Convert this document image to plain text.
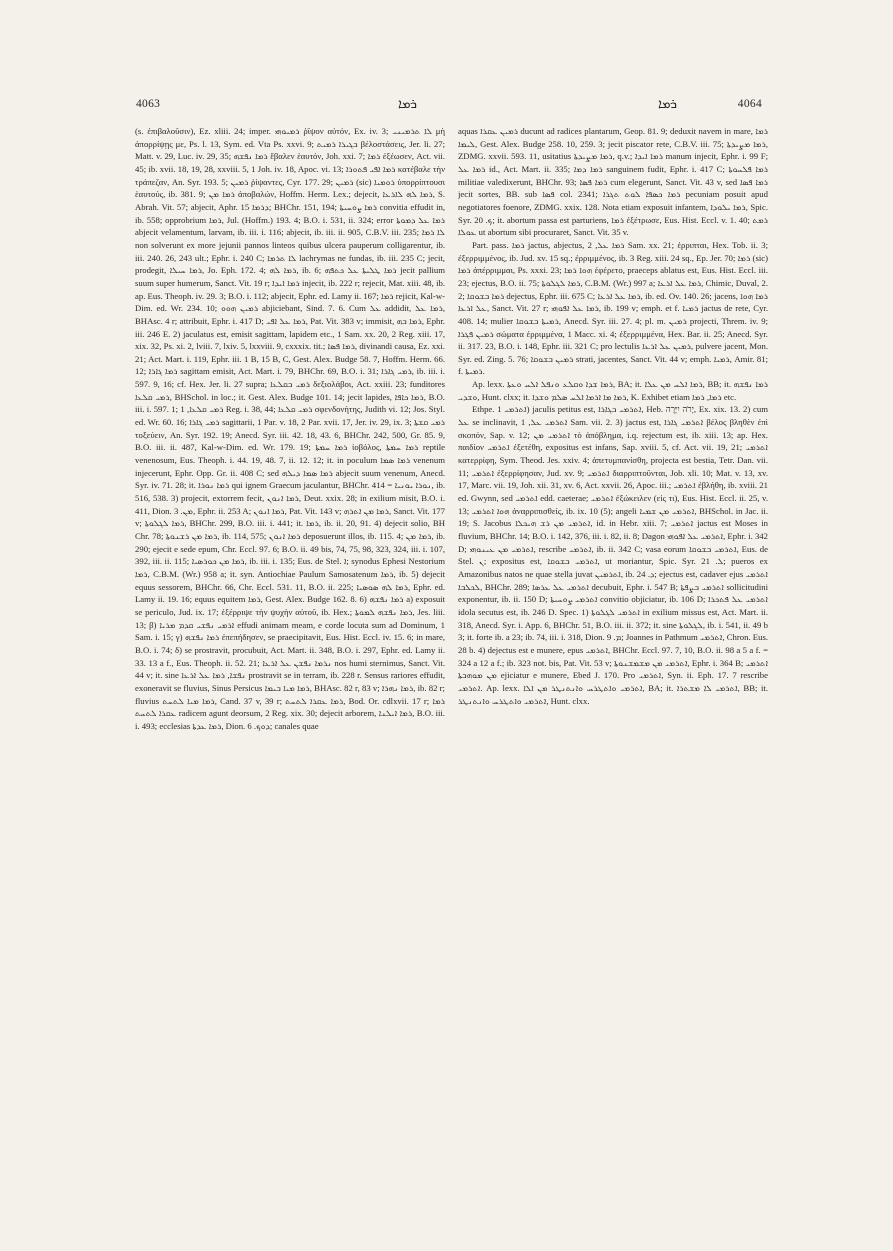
4063	ܪ݀ܡܐ	ܪ݀ܡܐ	4064

(s. ἐπιβαλοῦσιν), Ez. xliii. 24; imper. ܪܡܝܘܗܝ ῥῖψον αὐτόν, Ex. iv. 3; ܠܐ ܬܪܡܝܢܝ μὴ ἀπορρίψῃς με, Ps. l. 13, Sym. ed. Vta Ps. xxvi. 9; ܒܓܝܪܐ ܪܡܝܬ βέλοστάσεις, Jer. li. 27; Matt. v. 29, Luc. iv. 29, 35; ܪܡܐ ܢܦܫܗ ἔβαλεν ἑαυτόν, Joh. xxi. 7; ܪܡܐ ἐξέωσεν, Act. vii. 45; ib. xvii. 18, 19, 28, xxviii. 5, 1 Joh. iv. 18, Apoc. vi. 13; ܪܡܐ ܐܦܝ ܦܬܘܪܐ κατέβαλε τὴν τράπεζαν, An. Syr. 193. 5; ܪܡܝܢ ῥίψαντες, Cyr. 177. 29; ܪܡܝܢ (sic) ܪܘܡܝܐ ὑπορρίπτουσι ἑαυτούς, ib. 381. 9; ܪܡܐ ܡܢ ἀποβαλών, Hoffm. Herm. Lex.; dejecit, ܪܡܐ ܠܗ ܠܐܪܥܐ, S. Abrah. Vit. 57; abjecit, Aphr. ܕܪܡܐ 15; BHChr. 151, 194; ܪܡܐ ܨܘܚܝܬܐ convitia effudit in, ib. 558; opprobrium ܪܡܐ, Jul. (Hoffm.) 193. 4; B.O. i. 531, ii. 324; error ܪܡܐ ܥܠ ܕܡܘܬܐ abjecit velamentum, larvam, ib. iii. i. 116; abjecit, ib. iii. ii. 905, C.B.V. iii. 235; ܠܐ ܪܡܐ non solverunt ex more jejunii pannos linteos quibus ulcera pauperum colligarentur, ib. iii. 240. 26, 243 ult.; Ephr. i. 240 C; ܠܐ ܬܪܡܐ lachrymas ne fundas, ib. iii. 235 C; jecit, prodegit, ܪܡܐ ܚܝܠܐ, Jo. Eph. 172. 4; ܪܡܐ ܠܗ, ib. 6; ܪܡܐ ܛܠܝܬܐ ܥܠ ܟܬܦܗ jecit pallium suum super humerum, Sanct. Vit. 19 r; ܪܡܐ ܐܝܕܐ injecit, ib. 222 r; rejecit, Mat. xiii. 48, ib. ap. Eus. Theoph. iv. 29. 3; B.O. i. 112; abjecit, Ephr. ed. Lamy ii. 167; ܪܡܐ rejicit, Kal-w-Dim. ed. Wr. 234. 10; ܪܡܝܢ ܗܘܘ abjiciebant, Sind. 7. 6. Cum ܥܠ addidit, ܪܡܐ ܥܠ, BHAsc. 4 r; attribuit, Ephr. i. 417 D; ܪܡܐ ܥܠ ܐܦܝ, Pat. Vit. 383 v; immisit, ܪܡܐ ܒܗ, Ephr. iii. 246 E. 2) jaculatus est, emisit sagittam, lapidem etc., 1 Sam. xx. 20, 2 Reg. xiii. 17, xix. 32, Ps. xi. 2, lviii. 7, lxiv. 5, lxxviii. 9, cxxxix. tit.; ܪܡܐ ܦܣܐ, divinandi causa, Ez. xxi. 21; Act. Mart. i. 119, Ephr. iii. 1 B, 15 B, C, Gest. Alex. Budge 58. 7, Hoffm. Herm. 66. 12; ܪܡܐ ܓܐܪܐ sagittam emisit, Act. Mart. i. 79, BHChr. 69, B.O. i. 31; ܪܡܝ ܓܐܪܐ, ib. iii. i. 597. 9, 16; cf. Hex. Jer. li. 27 supra; ܪܡܝ ܒܩܠܥܐ δεξιολάβοι, Act. xxiii. 23; funditores ܪܡܝ ܩܠܥܐ, BHSchol. in loc.; it. Gest. Alex. Budge 101. 14; jecit lapides, ܪܡܐ ܟܐܦܐ, B.O. iii. i. 597. 1; ܪܡܝ ܩܠܥܐ, 1 Reg. i. 38, 44; ܪܡܝ ܩܠܥܐ σφενδονήτης, Judith vi. 12; Jos. Styl. ed. Wr. 60. 16; ܪܡܝ ܓܐܪܐ sagittarii, 1 Par. v. 18, 2 Par. xvii. 17, Jer. iv. 29, ix. 3; ܪܡܝ ܩܫܬܐ τοξεύειν, An. Syr. 192. 19; Anecd. Syr. iii. 42. 18, 43. 6, BHChr. 242, 500, Gr. 85. 9, B.O. iii. ii. 487, Kal-w-Dim. ed. Wr. 179. 19; ܪܡܐ ܚܡܬܐ ἰοβόλος, ܪܡܐ ܚܡܬܐ reptile venenosum, Eus. Theoph. i. 44. 19, 48. 7, ii. 12. 12; it. in poculum ܪܡܐ ܣܡܐ venenum injecerunt, Ephr. Opp. Gr. ii. 408 C; sed ܪܡܐ ܣܡܐ ܕܝܠܗ abjecit suum venenum, Anecd. Syr. iv. 71. 28; it. ܪܡܐ ܢܘܪܐ qui ignem Graecum jaculantur, BHChr. 414 = ܢܘܪܐ ܝܘܢܝܐ, ib. 516, 538. 3) projecit, extorrem fecit, ܪܡܐ ܐܢܘܢ, Deut. xxix. 28; in exilium misit, B.O. i. 411, Dion. ܡܢ. 3, Ephr. ii. 253 A; ܪܡܐ ܐܢܘܢ, Pat. Vit. 143 v; ܪܡܐ ܡܢ ܐܬܪܗ, Sanct. Vit. 177 v; ܪܡܐ ܠܓܠܘܬܐ, BHChr. 299, B.O. iii. i. 441; it. ܪܡܐ, ib. ii. 20, 91. 4) dejecit solio, BH Chr. 78; ܪܡܐ ܡܢ ܪܫܢܘܬܐ, ib. 114, 575; ܪܡܐ ܐܢܘܢ deposuerunt illos, ib. 115. 4; ܪܡܐ ܡܢ, ib. 290; ejecit e sede epum, Chr. Eccl. 97. 6; B.O. ii. 49 bis, 74, 75, 98, 323, 324, iii. i. 107, 392, iii. ii. 115; ܪܡܐ ܡܢ ܟܘܪܣܝܐ, ib. iii. i. 135; Eus. de Stel. ܐ; synodus Ephesi Nestorium ܪܡܐ, C.B.M. (Wr.) 958 a; it. syn. Antiochiae Paulum Samosatenum ܪܡܐ, ib. 5) dejecit equus sessorem, BHChr. 66, Chr. Eccl. 531. 11, B.O. ii. 225; ܪܡܐ ܠܗ ܣܘܣܝܐ, Ephr. ed. Lamy ii. 19. 16; equus equitem ܪܡܐ, Gest. Alex. Budge 162. 8. 6) ܪܡܐ ܢܦܫܗ a) exposuit se periculo, Jud. ix. 17; ἐξέρριψε τὴν ψυχὴν αὐτοῦ, ib. Hex.; ܪܡܐ ܢܦܫܗ ܠܡܘܬܐ, Jes. liii. 13; β) ܐܪܡܝ ܢܦܫܝ ܩܕܡ ܡܪܝܐ effudi animam meam, e corde locuta sum ad Dominum, 1 Sam. i. 15; γ) ܪܡܐ ܢܦܫܗ ἐπεπήδησεν, se praecipitavit, Eus. Hist. Eccl. iv. 15. 6; in mare, B.O. i. 74; δ) se prostravit, procubuit, Act. Mart. ii. 348, B.O. i. 297, Ephr. ed. Lamy ii. 33. 13 a f., Eus. Theoph. ii. 52. 21; ܢܪܡܐ ܢܦܫܢ ܥܠ ܐܪܥܐ nos humi sternimus, Sanct. Vit. 44 v; it. sine ܢܦܫܐ, ܪܡܐ ܥܠ ܐܪܥܐ prostravit se in terram, ib. 228 r. Sensus rariores effudit, exoneravit se fluvius, Sinus Persicus ܪܡܐ ܡܝܐ ܒܝܡܐ, BHAsc. 82 r, 83 v; ܪܡܐ ܢܗܪܐ, ib. 82 r; fluvius ܪܡܐ ܡܝܐ ܠܬܚܬ, Cand. 37 v, 39 r; ܪܡܐ ܥܩܪܐ ܠܬܚܬ, Bod. Or. cdlxvii. 17 r; ܪܡܐ ܥܩܪܐ ܠܬܚܬ radicem agunt deorsum, 2 Reg. xix. 30; dejecit arborem, ܪܡܐ ܐܝܠܢܐ, B.O. iii. i. 493; ecclesias ܪܡܐ ܥܕܬܐ, Dion. ܕܘܟ. 6; canales quae

aquas ܪܡܝܢ ܥܩܪܐ ducunt ad radices plantarum, Geop. 81. 9; deduxit navem in mare, ܪܡܐ ܠܝܡܐ, Gest. Alex. Budge 258. 10, 259. 3; jecit piscator rete, C.B.V. iii. 75; ܪܡܐ ܡܨܝܕܬܐ, ZDMG. xxvii. 593. 11, usitatius ܪܡܐ ܡܨܝܕܬܐ, q.v.; ܪܡܐ ܐܝܕܐ manum injecit, Ephr. i. 99 F; ܪܡܐ ܥܠ id., Act. Mart. ii. 335; ܪܡܐ ܕܡܐ sanguinem fudit, Ephr. i. 417 C; ܪܡܐ ܦܠܚܘܬܐ militiae valedixerunt, BHChr. 93; ܪܡܐ ܦܣܐ cum elegerunt, Sanct. Vit. 43 v, sed ܪܡܐ ܦܣܐ jecit sortes, BB. sub ܦܣܐ col. 2341; ܪܡܐ ܟܣܦܐ ܠܘܬ ܬܓܪܐ pecuniam posuit apud negotiatores foenore, ZDMG. xxix. 128. Nota etiam exposuit infantem, ܪܡܐ ܝܠܘܕܐ, Spic. Syr. ܟ. 20; it. abortum passa est parturiens, ܪܡܐ ἐξέτρωσε, Eus. Hist. Eccl. v. 1. 40; ܪܡܬ ܥܘܠܐ ut abortum sibi procuraret, Sanct. Vit. 35 v.

Part. pass. ܪܡܐ jactus, abjectus, ܪܡܐ ܥܠ, 2 Sam. xx. 21; ἐρριπται, Hex. Tob. ii. 3; ἐξερριμμένος, ib. Jud. xv. 15 sq.; ἐρριμμένος, ib. 3 Reg. xiii. 24 sq., Ep. Jer. 70; ܪܡܐ (sic) ܪܡܐ ἀπέρριμμαι, Ps. xxxi. 23; ܗܘܐ ܪܡܐ ἐφέρετο, praeceps ablatus est, Eus. Hist. Eccl. iii. 23; ejectus, B.O. ii. 75; ܪܡܐ ܠܓܠܘܬܐ, C.B.M. (Wr.) 997 a; ܪܡܐ ܥܠ ܐܪܥܐ, Chimic, Duval, 2. 2; ܪܡܐ ܒܫܘܩܐ dejectus, Ephr. iii. 675 C; ܪܡܐ ܥܠ ܐܪܥܐ, ib. ed. Ov. 140. 26; jacens, ܪܡܐ ܗܘܐ ܥܠ ܐܪܥܐ, Sanct. Vit. 27 r; ܪܡܐ ܥܠ ܐܦܘܗܝ, ib. 199 v; emph. et f. ܪܡܝܐ jactus de rete, Cyr. 408. 14; mulier ܪܡܝܬܐ ܒܫܘܩܐ, Anecd. Syr. iii. 27. 4; pl. m. ܪܡܝܢ projecti, Threm. iv. 9; ܪܡܝܢ ܦܓܪܐ σώματα ἐρριμμένα, 1 Macc. xi. 4; ἐξερριμμένα, Hex. Bar. ii. 25; Anecd. Syr. ii. 317. 23, B.O. i. 148, Ephr. iii. 321 C; pro lectulis ܪܡܝܢ ܥܠ ܐܪܥܐ, pulvere jacent, Mon. Syr. ed. Zing. 5. 76; ܪܡܝܢ ܒܫܘܩܐ strati, jacentes, Sanct. Vit. 44 v; emph. ܪܡܝܐ, Amir. 81; f. ܪܡܝܬܐ.

Ap. lexx. ܪܡܐ ܫܕܐ ܘܩܠܥ ܘܢܦܠ ܐܠܚ ܘܥܬܐ, BA; it. ܪܡܐ ܐܠܚ ܡܢ ܥܠܐ, BB; it. ܪܡܐ ܢܦܫܗ ܘܫܕܝ, Hunt. clxx; it. ܪܡܐ ܡܐ ܐܪܡܐ ܐܠܚ ܣܠܡ ܘܫܕܐ, K. Exhibet etiam ܪܡܐ, ܪܡܐ etc.

Ethpe. ܐܬܪܡܝ 1) jaculis petitus est, ܐܬܪܡܝ ܒܓܐܪܐ, Heb. יָרֹה יִיָּרֶה, Ex. xix. 13. 2) cum ܥܠ se inclinavit, ܐܬܪܡܝ ܥܠ, 1 Sam. vii. 2. 3) jactus est, ܐܬܪܡܝ ܓܐܪܐ βέλος βληθὲν ἐπὶ σκοπόν, Sap. v. 12; ܐܬܪܡܝ ܡܢ τὸ ἀπόβλημα, i.q. rejectum est, ib. xiii. 13; ap. Hex. παιδίον ܐܬܪܡܝ ἐξετέθη, expositus est infans, Sap. xviii. 5, cf. Act. vii. 19, 21; ܐܬܪܡܝ κατερρίφη, Sym. Theod. Jes. xxiv. 4; ἀπετυμπανίσθη, projecta est bestia, Tetr. Dan. vii. 11; ܐܬܪܡܝ ἐξερρίφησαν, Jud. xv. 9; ܐܬܪܡܝ διαρριπτοῦνται, Job. xli. 10; Mat. v. 13, xv. 17, Marc. vii. 19, Joh. xii. 31, xv. 6, Act. xxvii. 26, Apoc. iii.; ܐܬܪܡܝ ἐβλήθη, ib. xviii. 21 ed. Gwynn, sed ܐܬܪܡܝ edd. caeterae; ܐܬܪܡܝ ἐξώκειλεν (εἰς τι), Eus. Hist. Eccl. ii. 25, v. 13; ܗܘܐ ܐܬܪܡܝ ἀναρριπισθείς, ib. ix. 10 (5); angeli ܐܬܪܡܝ ܡܢ ܫܡܝܐ, BHSchol. in Jac. ii. 19; S. Jacobus ܐܬܪܡܝ ܡܢ ܪܫ ܗܝܟܠܐ, id. in Hebr. xiii. 7; ܐܬܪܡܝ jactus est Moses in fluvium, BHChr. 14; B.O. i. 142, 376, iii. i. 82, ii. 8; Dagon ܐܬܪܡܝ ܥܠ ܐܦܘܗܝ, Ephr. i. 342 D; ܐܬܪܡܝ ܡܢ ܥܝܢܘܗܝ, rescribe ܐܬܪܡܝ, ib. ii. 342 C; vasa eorum ܐܬܪܡܝ ܒܫܘܩܐ, Eus. de Stel. ܢ; expositus est, ܐܬܪܡܝ ܒܫܘܩܐ, ut moriantur, Spic. Syr. ܠ. 21; pueros ex Amazonibus natos ne quae stella juvat ܐܬܪܡܝܢ, ib. ܕ. 24; ejectus est, cadaver ejus ܐܬܪܡܝ ܠܟܠܒܐ, BHChr. 289; ܐܬܪܡܝ ܥܠ ܥܪܣܐ decubuit, Ephr. i. 547 B; ܐܬܪܡܝ ܒܨܦܬܐ sollicitudini exponentur, ib. ii. 150 D; ܐܬܪܡܝ ܨܘܚܝܬܐ convitio objiciatur, ib. 106 D; ܐܬܪܡܝ ܥܠ ܦܬܟܪܐ idola secutus est, ib. 246 D. Spec. 1) ܐܬܪܡܝ ܠܓܠܘܬܐ in exilium missus est, Act. Mart. ii. 318, Anecd. Syr. i. App. 6, BHChr. 51, B.O. iii. ii. 372; it. sine ܠܓܠܘܬܐ, ib. i. 541, ii. 49 b 3; it. forte ib. a 23; ib. 74, iii. i. 318, Dion. ܡ. 9; Joannes in Pathmum ܐܬܪܡܝ, Chron. Eus. 28 b. 4) dejectus est e munere, epus ܐܬܪܡܝ, BHChr. Eccl. 97. 7, 10, B.O. ii. 98 a 5 a f. = 324 a 12 a f.; ib. 323 not. bis, Pat. Vit. 53 v; ܐܬܪܡܝ ܡܢ ܡܫܡܫܢܘܬܐ, Ephr. i. 364 B; ܐܬܪܡܝ ܡܢ ܡܘܗܒܬܐ ejiciatur e munere, Ebed J. 170. Pro ܐܬܪܡܝ, Syn. ii. Eph. 17. 7 rescribe ܐܬܪܡܝ. Ap. lexx. ܐܬܪܡܝ ܘܐܬܛܪܚ ܘܐܢܬܢܛܪ ܡܢ ܐܠܐ, BA; it. ܐܬܪܡܝ ܠܐ ܡܫܬܪܐ, BB; it. ܐܬܪܡܝ ܘܐܬܛܪܚ ܘܐܢܬܢܛܪ, Hunt. clxx.
